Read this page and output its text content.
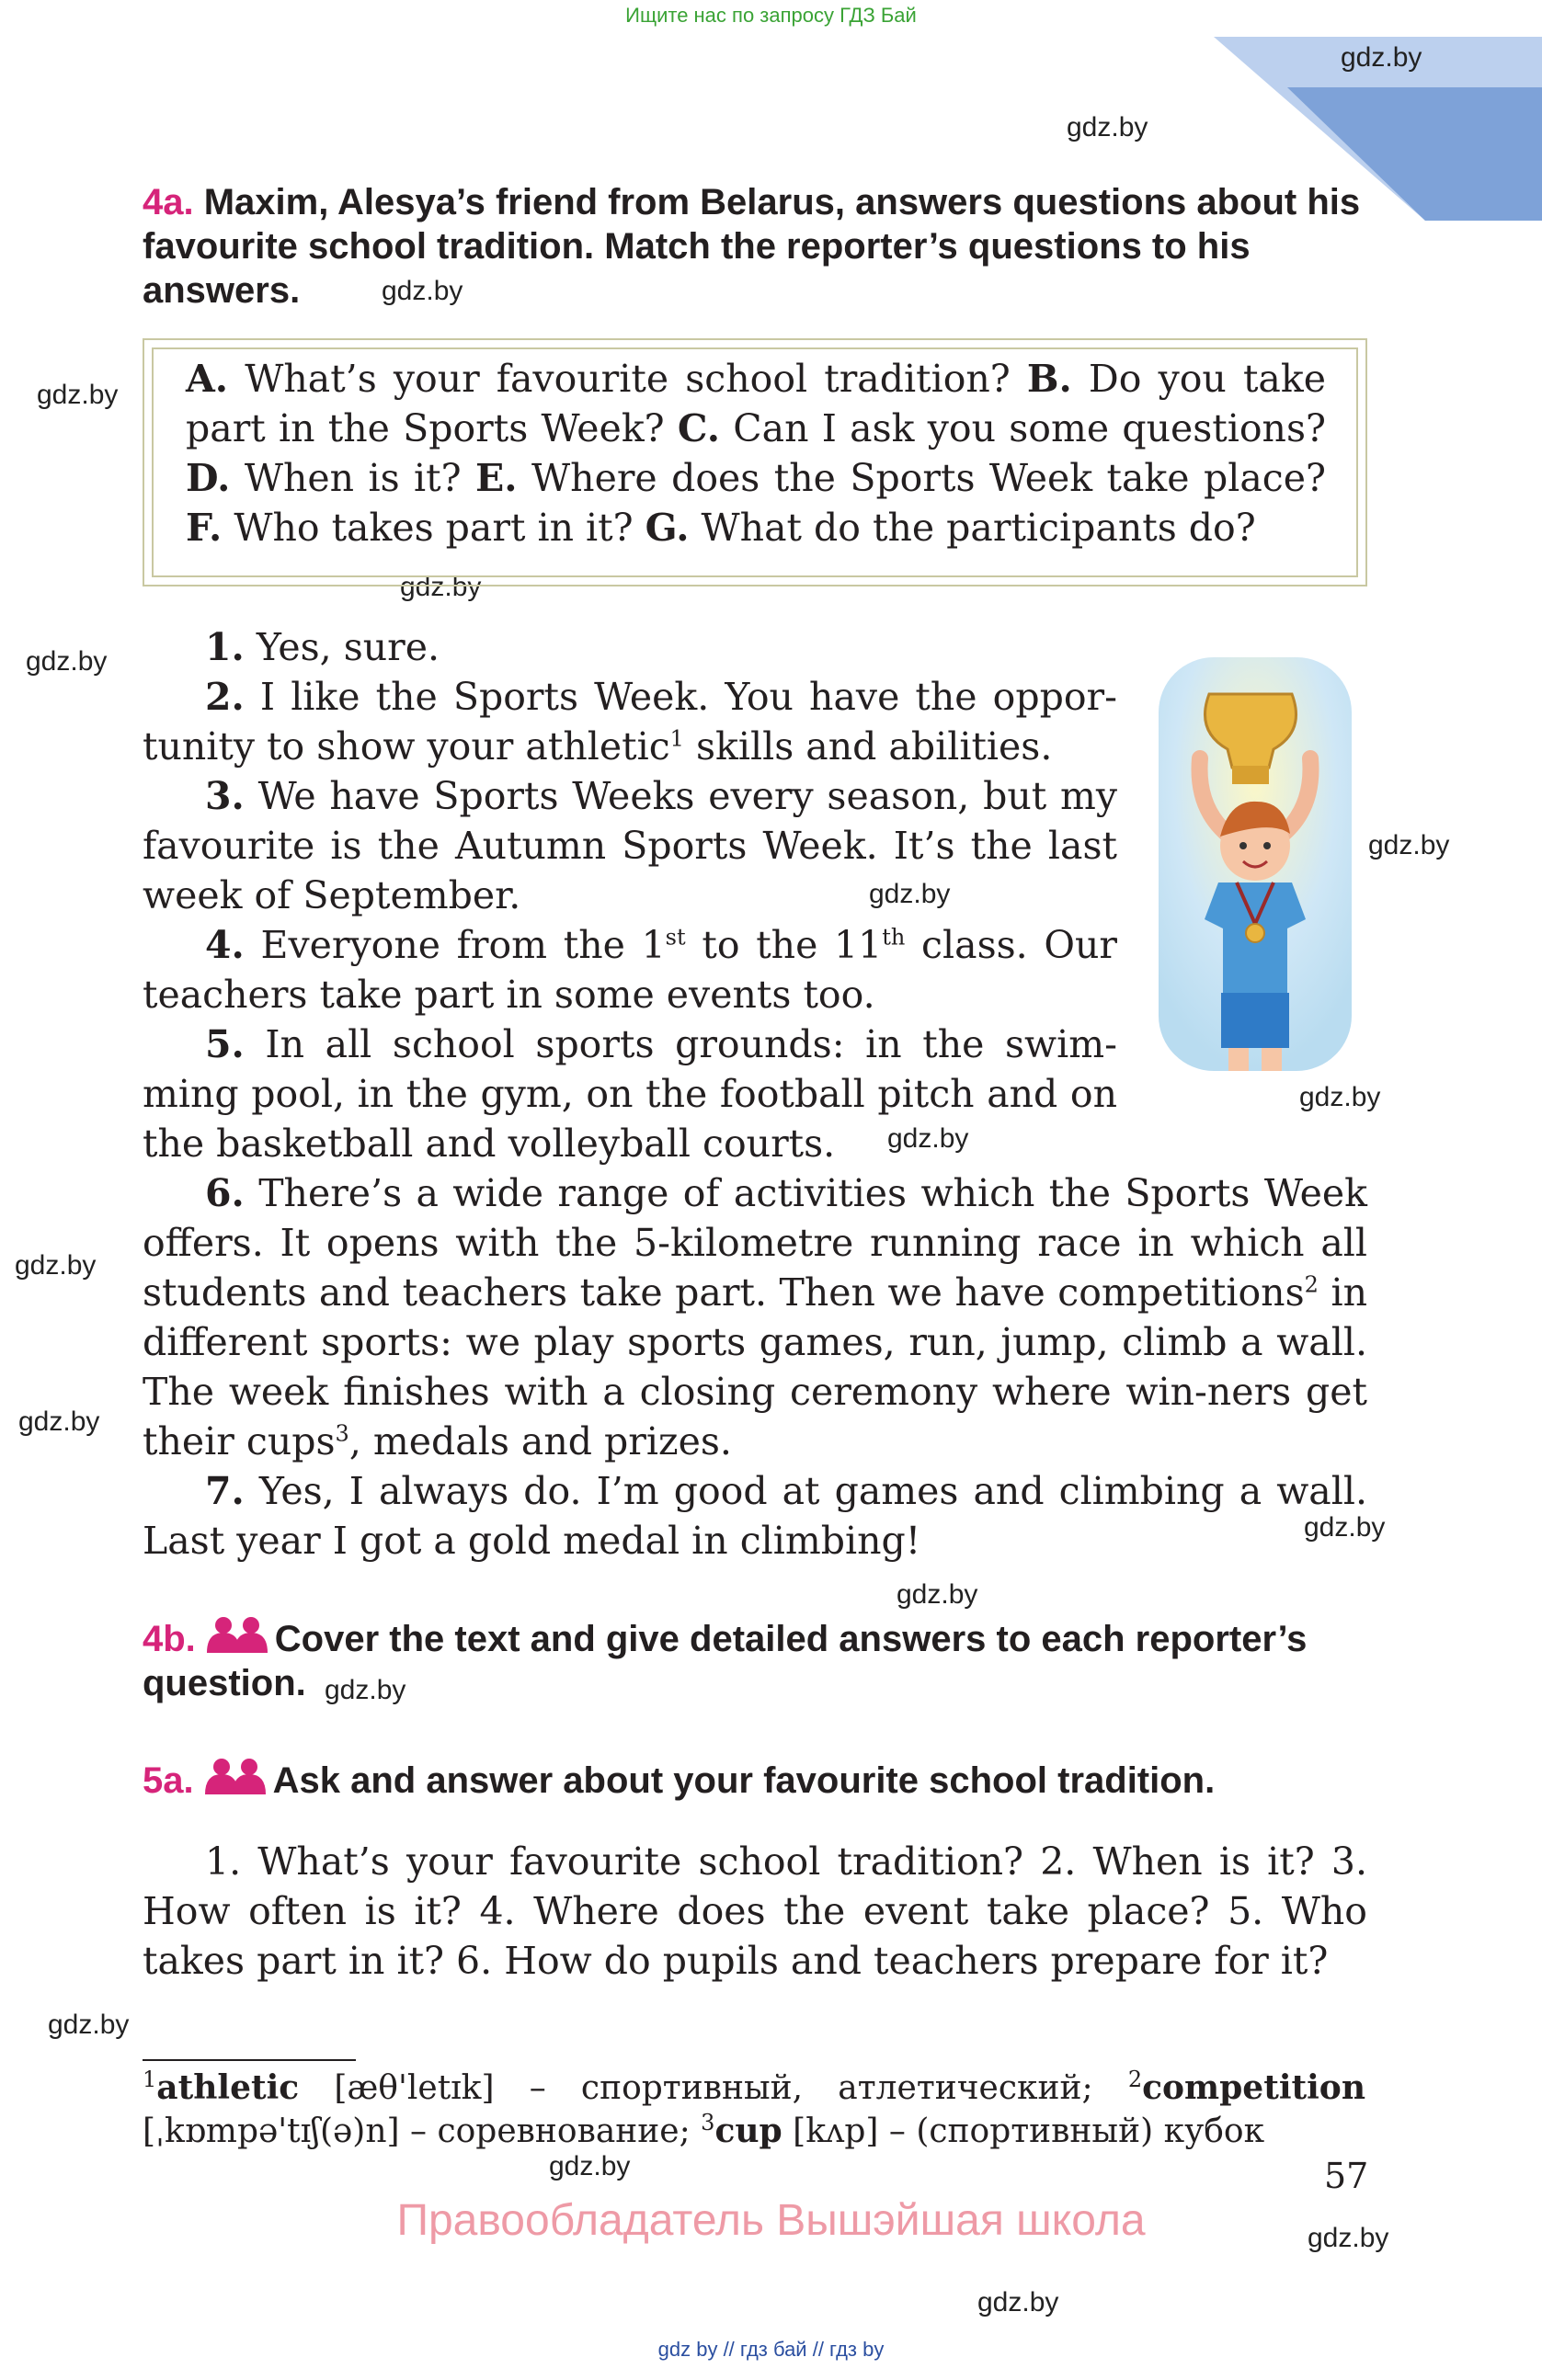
Ищите нас по запросу ГДЗ Бай
gdz.by
gdz.by
gdz.by
gdz.by
gdz.by
gdz.by
gdz.by
gdz.by
gdz.by
gdz.by
gdz.by
gdz.by
gdz.by
gdz.by
gdz.by
gdz.by
gdz.by
gdz.by
gdz.by
4a. Maxim, Alesya’s friend from Belarus, answers questions about his favourite school tradition. Match the reporter’s questions to his answers.
A. What’s your favourite school tradition? B. Do you take part in the Sports Week? C. Can I ask you some questions? D. When is it? E. Where does the Sports Week take place?
F. Who takes part in it? G. What do the participants do?

1. Yes, sure.

2. I like the Sports Week. You have the oppor-tunity to show your athletic$^1$ skills and abilities.

3. We have Sports Weeks every season, but my favourite is the Autumn Sports Week. It’s the last week of September.

4. Everyone from the 1st to the 11th class. Our teachers take part in some events too.

5. In all school sports grounds: in the swim-ming pool, in the gym, on the football pitch and on the basketball and volleyball courts.

6. There’s a wide range of activities which the Sports Week offers. It opens with the 5-kilometre running race in which all students and teachers take part. Then we have competitions$^2$ in different sports: we play sports games, run, jump, climb a wall. The week finishes with a closing ceremony where win-ners get their cups$^3$, medals and prizes.

7. Yes, I always do. I’m good at games and climbing a wall. Last year I got a gold medal in climbing!

4b. Cover the text and give detailed answers to each reporter’s question.
5a. Ask and answer about your favourite school tradition.

1. What’s your favourite school tradition? 2. When is it? 3. How often is it? 4. Where does the event take place? 5. Who takes part in it? 6. How do pupils and teachers prepare for it?

$^1$athletic [æθ'letɪk] – спортивный, атлетический; $^2$competition [ˌkɒmpə'tɪʃ(ə)n] – соревнование; $^3$cup [kʌp] – (спортивный) кубок
57
Правообладатель Вышэйшая школа
gdz by // гдз бай // гдз by
